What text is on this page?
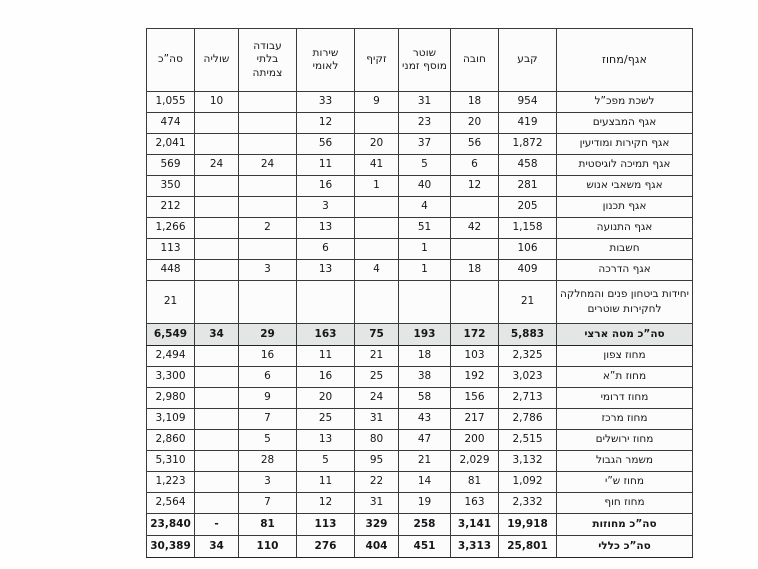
אגף/מחוז	קבע	חובה	שוטר מוסף זמני	זקיף	שירות לאומי	עבודה בלתי צמיתה	שוליה	סה”כ
לשכת מפכ”ל	954	18	31	9	33		10	1,055
אגף המבצעים	419	20	23		12			474
אגף חקירות ומודיעין	1,872	56	37	20	56			2,041
אגף תמיכה לוגיסטית	458	6	5	41	11	24	24	569
אגף משאבי אנוש	281	12	40	1	16			350
אגף תכנון	205		4		3			212
אגף התנועה	1,158	42	51		13	2		1,266
חשבות	106		1		6			113
אגף הדרכה	409	18	1	4	13	3		448
יחידות ביטחון פנים והמחלקה לחקירות שוטרים	21							21
סה”כ מטה ארצי	5,883	172	193	75	163	29	34	6,549
מחוז צפון	2,325	103	18	21	11	16		2,494
מחוז ת”א	3,023	192	38	25	16	6		3,300
מחוז דרומי	2,713	156	58	24	20	9		2,980
מחוז מרכז	2,786	217	43	31	25	7		3,109
מחוז ירושלים	2,515	200	47	80	13	5		2,860
משמר הגבול	3,132	2,029	21	95	5	28		5,310
מחוז ש”י	1,092	81	14	22	11	3		1,223
מחוז חוף	2,332	163	19	31	12	7		2,564
סה”כ מחוזות	19,918	3,141	258	329	113	81	-	23,840
סה”כ כללי	25,801	3,313	451	404	276	110	34	30,389
